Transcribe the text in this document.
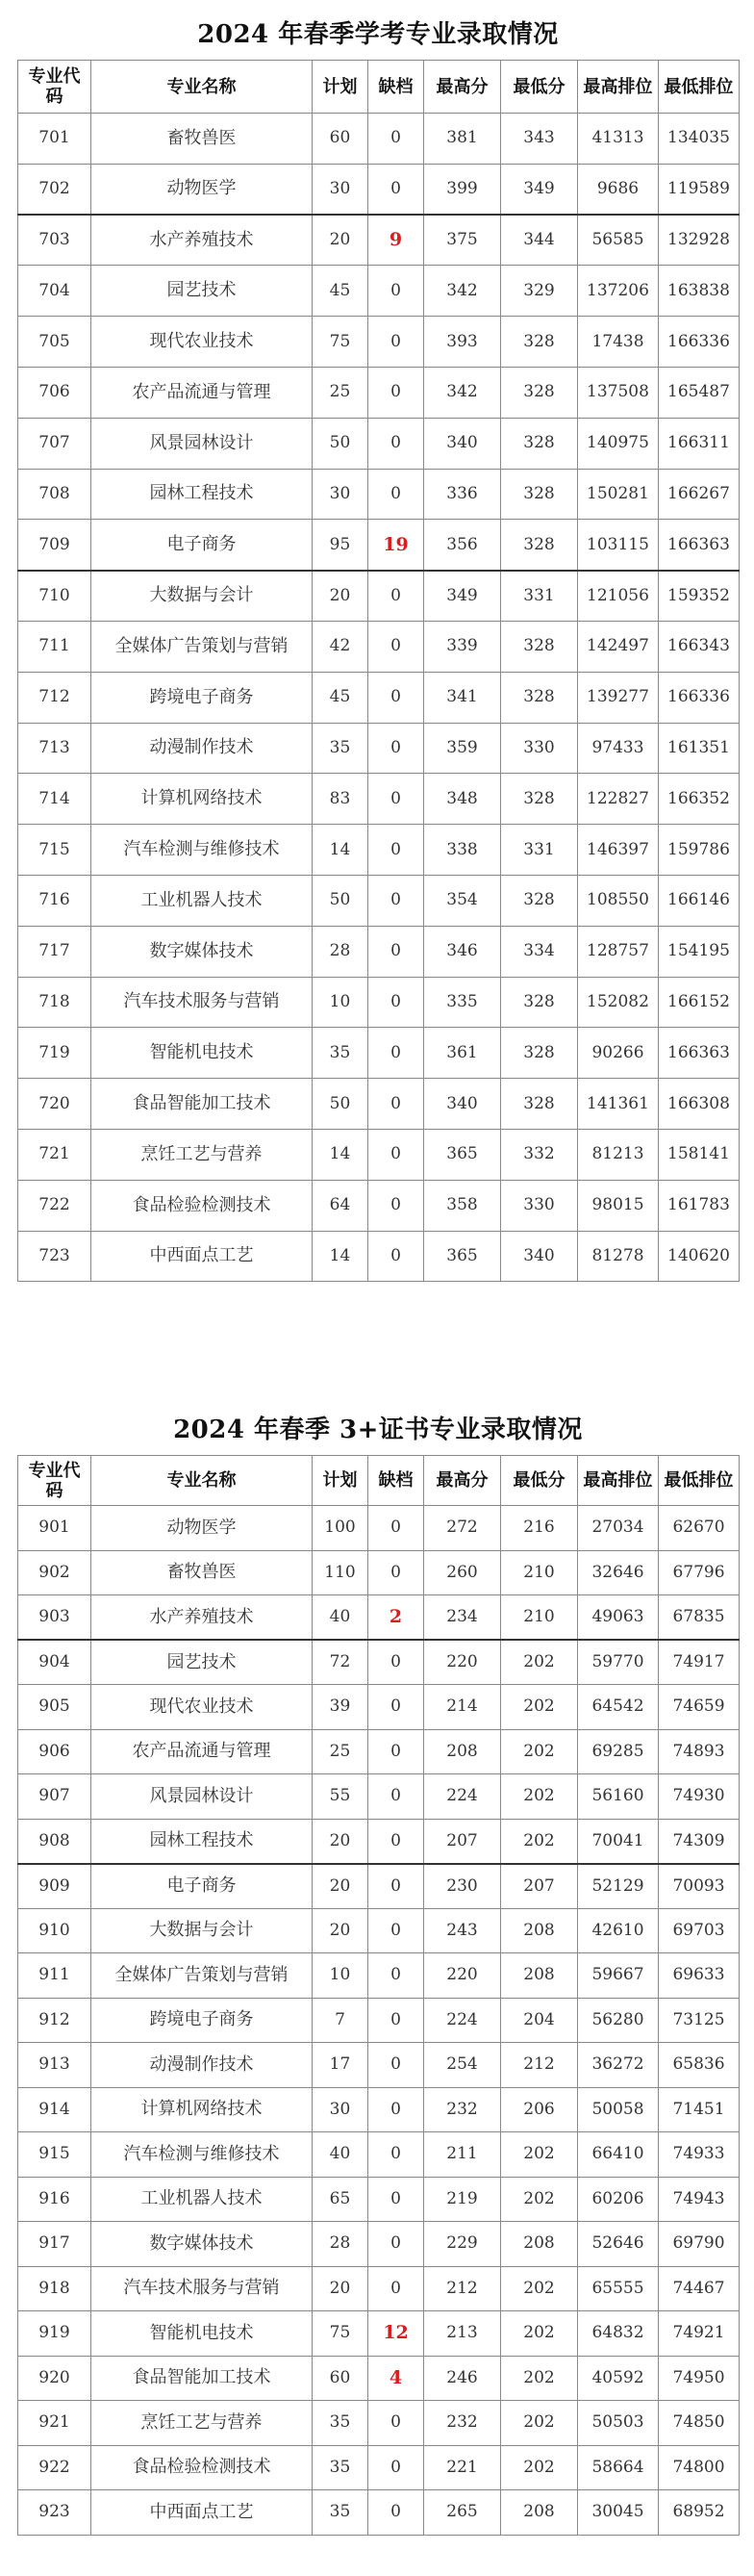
2024 年春季学考专业录取情况
专业代码	专业名称	计划	缺档	最高分	最低分	最高排位	最低排位
701	畜牧兽医	60	0	381	343	41313	134035
702	动物医学	30	0	399	349	9686	119589
703	水产养殖技术	20	9	375	344	56585	132928
704	园艺技术	45	0	342	329	137206	163838
705	现代农业技术	75	0	393	328	17438	166336
706	农产品流通与管理	25	0	342	328	137508	165487
707	风景园林设计	50	0	340	328	140975	166311
708	园林工程技术	30	0	336	328	150281	166267
709	电子商务	95	19	356	328	103115	166363
710	大数据与会计	20	0	349	331	121056	159352
711	全媒体广告策划与营销	42	0	339	328	142497	166343
712	跨境电子商务	45	0	341	328	139277	166336
713	动漫制作技术	35	0	359	330	97433	161351
714	计算机网络技术	83	0	348	328	122827	166352
715	汽车检测与维修技术	14	0	338	331	146397	159786
716	工业机器人技术	50	0	354	328	108550	166146
717	数字媒体技术	28	0	346	334	128757	154195
718	汽车技术服务与营销	10	0	335	328	152082	166152
719	智能机电技术	35	0	361	328	90266	166363
720	食品智能加工技术	50	0	340	328	141361	166308
721	烹饪工艺与营养	14	0	365	332	81213	158141
722	食品检验检测技术	64	0	358	330	98015	161783
723	中西面点工艺	14	0	365	340	81278	140620
2024 年春季 3+证书专业录取情况
专业代码	专业名称	计划	缺档	最高分	最低分	最高排位	最低排位
901	动物医学	100	0	272	216	27034	62670
902	畜牧兽医	110	0	260	210	32646	67796
903	水产养殖技术	40	2	234	210	49063	67835
904	园艺技术	72	0	220	202	59770	74917
905	现代农业技术	39	0	214	202	64542	74659
906	农产品流通与管理	25	0	208	202	69285	74893
907	风景园林设计	55	0	224	202	56160	74930
908	园林工程技术	20	0	207	202	70041	74309
909	电子商务	20	0	230	207	52129	70093
910	大数据与会计	20	0	243	208	42610	69703
911	全媒体广告策划与营销	10	0	220	208	59667	69633
912	跨境电子商务	7	0	224	204	56280	73125
913	动漫制作技术	17	0	254	212	36272	65836
914	计算机网络技术	30	0	232	206	50058	71451
915	汽车检测与维修技术	40	0	211	202	66410	74933
916	工业机器人技术	65	0	219	202	60206	74943
917	数字媒体技术	28	0	229	208	52646	69790
918	汽车技术服务与营销	20	0	212	202	65555	74467
919	智能机电技术	75	12	213	202	64832	74921
920	食品智能加工技术	60	4	246	202	40592	74950
921	烹饪工艺与营养	35	0	232	202	50503	74850
922	食品检验检测技术	35	0	221	202	58664	74800
923	中西面点工艺	35	0	265	208	30045	68952
